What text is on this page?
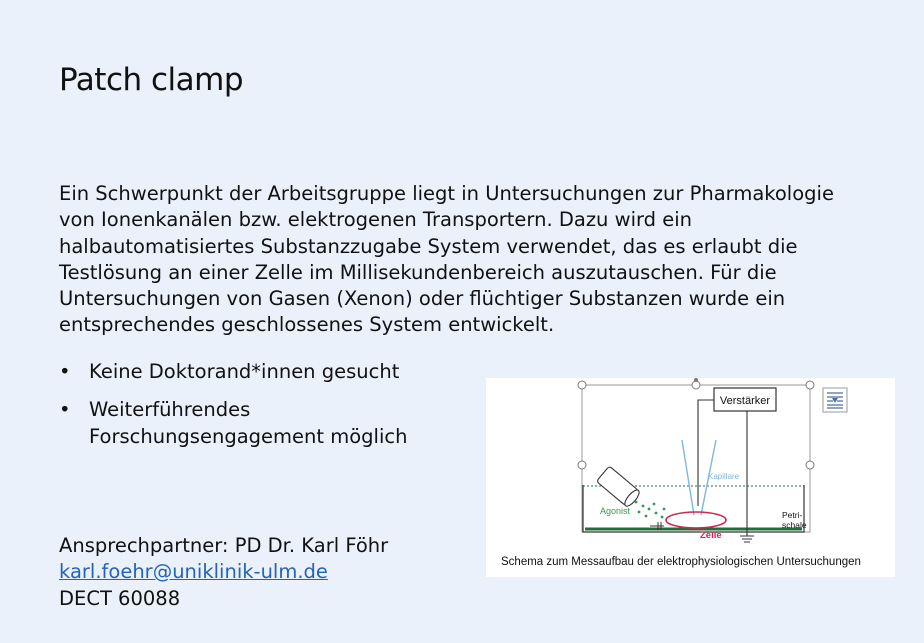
Patch clamp
Ein Schwerpunkt der Arbeitsgruppe liegt in Untersuchungen zur Pharmakologie
von Ionenkanälen bzw. elektrogenen Transportern. Dazu wird ein
halbautomatisiertes Substanzzugabe System verwendet, das es erlaubt die
Testlösung an einer Zelle im Millisekundenbereich auszutauschen. Für die
Untersuchungen von Gasen (Xenon) oder flüchtiger Substanzen wurde ein
entsprechendes geschlossenes System entwickelt.
• Keine Doktorand*innen gesucht
• Weiterführendes
Forschungsengagement möglich
Ansprechpartner: PD Dr. Karl Föhr
karl.foehr@uniklinik-ulm.de
DECT 60088
Verstärker
Kapillare
Agonist
Zelle
Petri-
schale
Schema zum Messaufbau der elektrophysiologischen Untersuchungen
